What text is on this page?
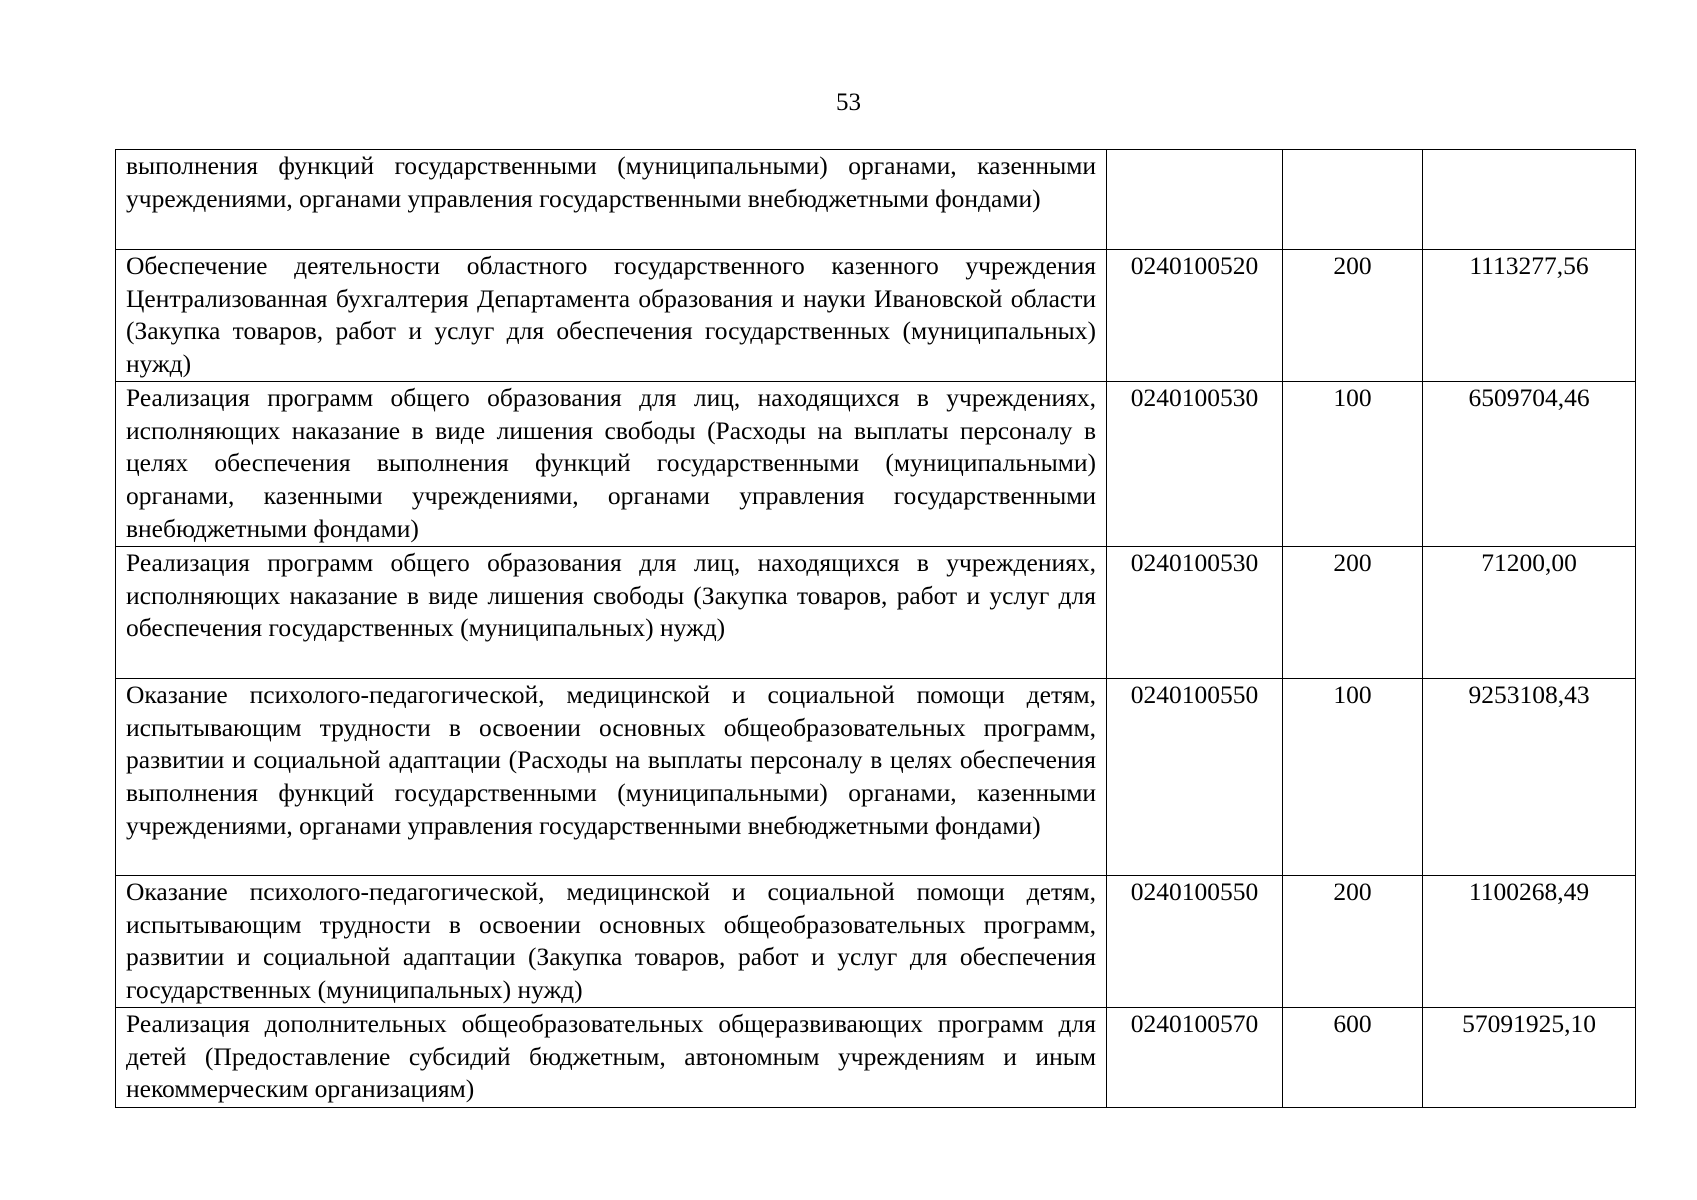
53
выполнения функций государственными (муниципальными) органами, казенными учреждениями, органами управления государственными внебюджетными фондами)			
Обеспечение деятельности областного государственного казенного учреждения Централизованная бухгалтерия Департамента образования и науки Ивановской области (Закупка товаров, работ и услуг для обеспечения государственных (муниципальных) нужд)	0240100520	200	1113277,56
Реализация программ общего образования для лиц, находящихся в учреждениях, исполняющих наказание в виде лишения свободы (Расходы на выплаты персоналу в целях обеспечения выполнения функций государственными (муниципальными) органами, казенными учреждениями, органами управления государственными внебюджетными фондами)	0240100530	100	6509704,46
Реализация программ общего образования для лиц, находящихся в учреждениях, исполняющих наказание в виде лишения свободы (Закупка товаров, работ и услуг для обеспечения государственных (муниципальных) нужд)	0240100530	200	71200,00
Оказание психолого-педагогической, медицинской и социальной помощи детям, испытывающим трудности в освоении основных общеобразовательных программ, развитии и социальной адаптации (Расходы на выплаты персоналу в целях обеспечения выполнения функций государственными (муниципальными) органами, казенными учреждениями, органами управления государственными внебюджетными фондами)	0240100550	100	9253108,43
Оказание психолого-педагогической, медицинской и социальной помощи детям, испытывающим трудности в освоении основных общеобразовательных программ, развитии и социальной адаптации (Закупка товаров, работ и услуг для обеспечения государственных (муниципальных) нужд)	0240100550	200	1100268,49
Реализация дополнительных общеобразовательных общеразвивающих программ для детей (Предоставление субсидий бюджетным, автономным учреждениям и иным некоммерческим организациям)	0240100570	600	57091925,10
